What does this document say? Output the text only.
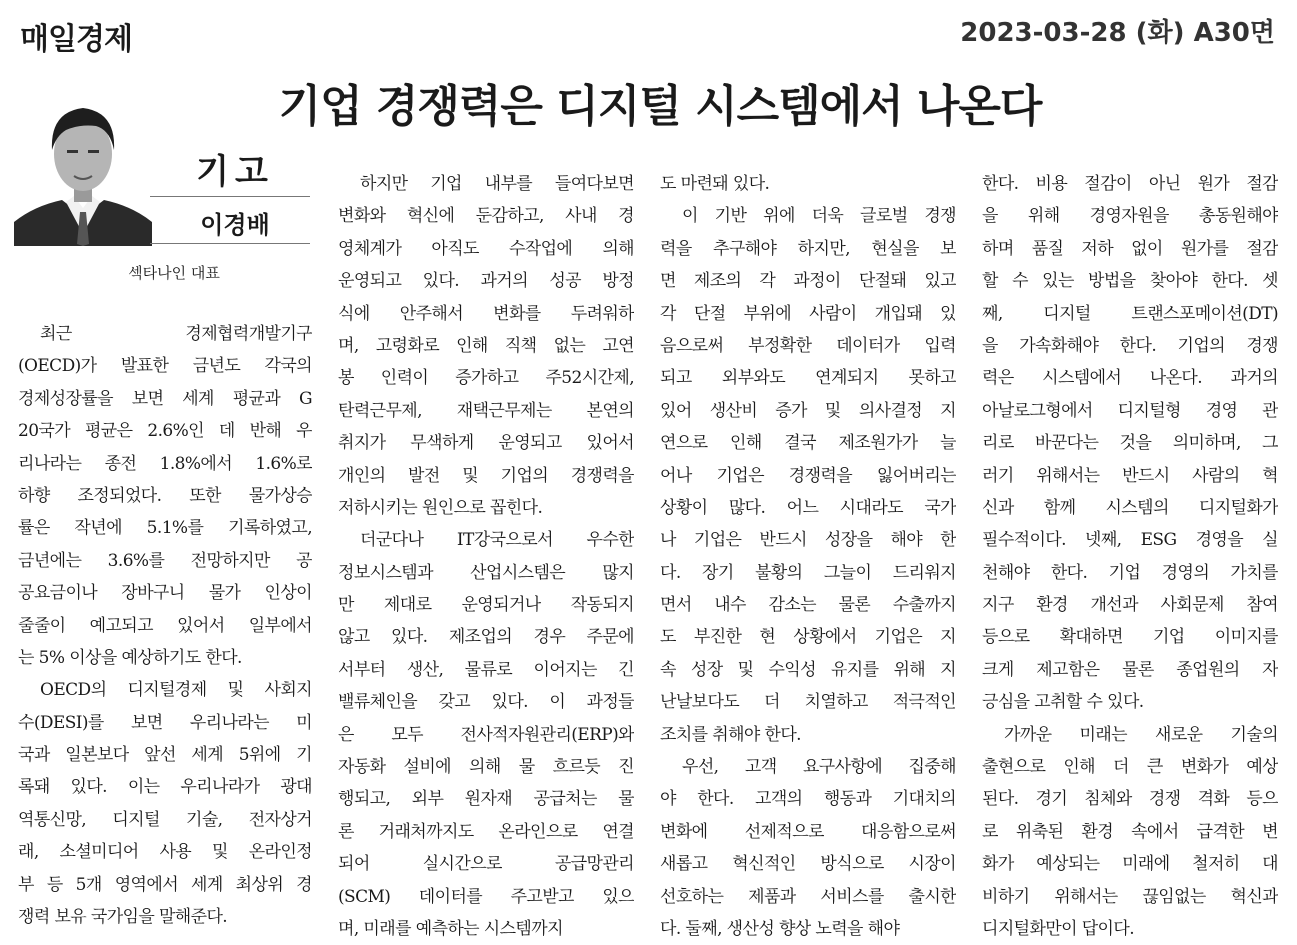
매일경제	2023-03-28 (화) A30면
기업 경쟁력은 디지털 시스템에서 나온다
기고
이경배
섹타나인 대표
최근 경제협력개발기구
(OECD)가 발표한 금년도 각국의
경제성장률을 보면 세계 평균과 G
20국가 평균은 2.6%인 데 반해 우
리나라는 종전 1.8%에서 1.6%로
하향 조정되었다. 또한 물가상승
률은 작년에 5.1%를 기록하였고,
금년에는 3.6%를 전망하지만 공
공요금이나 장바구니 물가 인상이
줄줄이 예고되고 있어서 일부에서
는 5% 이상을 예상하기도 한다.
OECD의 디지털경제 및 사회지
수(DESI)를 보면 우리나라는 미
국과 일본보다 앞선 세계 5위에 기
록돼 있다. 이는 우리나라가 광대
역통신망, 디지털 기술, 전자상거
래, 소셜미디어 사용 및 온라인정
부 등 5개 영역에서 세계 최상위 경
쟁력 보유 국가임을 말해준다.
하지만 기업 내부를 들여다보면
변화와 혁신에 둔감하고, 사내 경
영체계가 아직도 수작업에 의해
운영되고 있다. 과거의 성공 방정
식에 안주해서 변화를 두려워하
며, 고령화로 인해 직책 없는 고연
봉 인력이 증가하고 주52시간제,
탄력근무제, 재택근무제는 본연의
취지가 무색하게 운영되고 있어서
개인의 발전 및 기업의 경쟁력을
저하시키는 원인으로 꼽힌다.
더군다나 IT강국으로서 우수한
정보시스템과 산업시스템은 많지
만 제대로 운영되거나 작동되지
않고 있다. 제조업의 경우 주문에
서부터 생산, 물류로 이어지는 긴
밸류체인을 갖고 있다. 이 과정들
은 모두 전사적자원관리(ERP)와
자동화 설비에 의해 물 흐르듯 진
행되고, 외부 원자재 공급처는 물
론 거래처까지도 온라인으로 연결
되어 실시간으로 공급망관리
(SCM) 데이터를 주고받고 있으
며, 미래를 예측하는 시스템까지
도 마련돼 있다.
이 기반 위에 더욱 글로벌 경쟁
력을 추구해야 하지만, 현실을 보
면 제조의 각 과정이 단절돼 있고
각 단절 부위에 사람이 개입돼 있
음으로써 부정확한 데이터가 입력
되고 외부와도 연계되지 못하고
있어 생산비 증가 및 의사결정 지
연으로 인해 결국 제조원가가 늘
어나 기업은 경쟁력을 잃어버리는
상황이 많다. 어느 시대라도 국가
나 기업은 반드시 성장을 해야 한
다. 장기 불황의 그늘이 드리워지
면서 내수 감소는 물론 수출까지
도 부진한 현 상황에서 기업은 지
속 성장 및 수익성 유지를 위해 지
난날보다도 더 치열하고 적극적인
조치를 취해야 한다.
우선, 고객 요구사항에 집중해
야 한다. 고객의 행동과 기대치의
변화에 선제적으로 대응함으로써
새롭고 혁신적인 방식으로 시장이
선호하는 제품과 서비스를 출시한
다. 둘째, 생산성 향상 노력을 해야
한다. 비용 절감이 아닌 원가 절감
을 위해 경영자원을 총동원해야
하며 품질 저하 없이 원가를 절감
할 수 있는 방법을 찾아야 한다. 셋
째, 디지털 트랜스포메이션(DT)
을 가속화해야 한다. 기업의 경쟁
력은 시스템에서 나온다. 과거의
아날로그형에서 디지털형 경영 관
리로 바꾼다는 것을 의미하며, 그
러기 위해서는 반드시 사람의 혁
신과 함께 시스템의 디지털화가
필수적이다. 넷째, ESG 경영을 실
천해야 한다. 기업 경영의 가치를
지구 환경 개선과 사회문제 참여
등으로 확대하면 기업 이미지를
크게 제고함은 물론 종업원의 자
긍심을 고취할 수 있다.
가까운 미래는 새로운 기술의
출현으로 인해 더 큰 변화가 예상
된다. 경기 침체와 경쟁 격화 등으
로 위축된 환경 속에서 급격한 변
화가 예상되는 미래에 철저히 대
비하기 위해서는 끊임없는 혁신과
디지털화만이 답이다.
